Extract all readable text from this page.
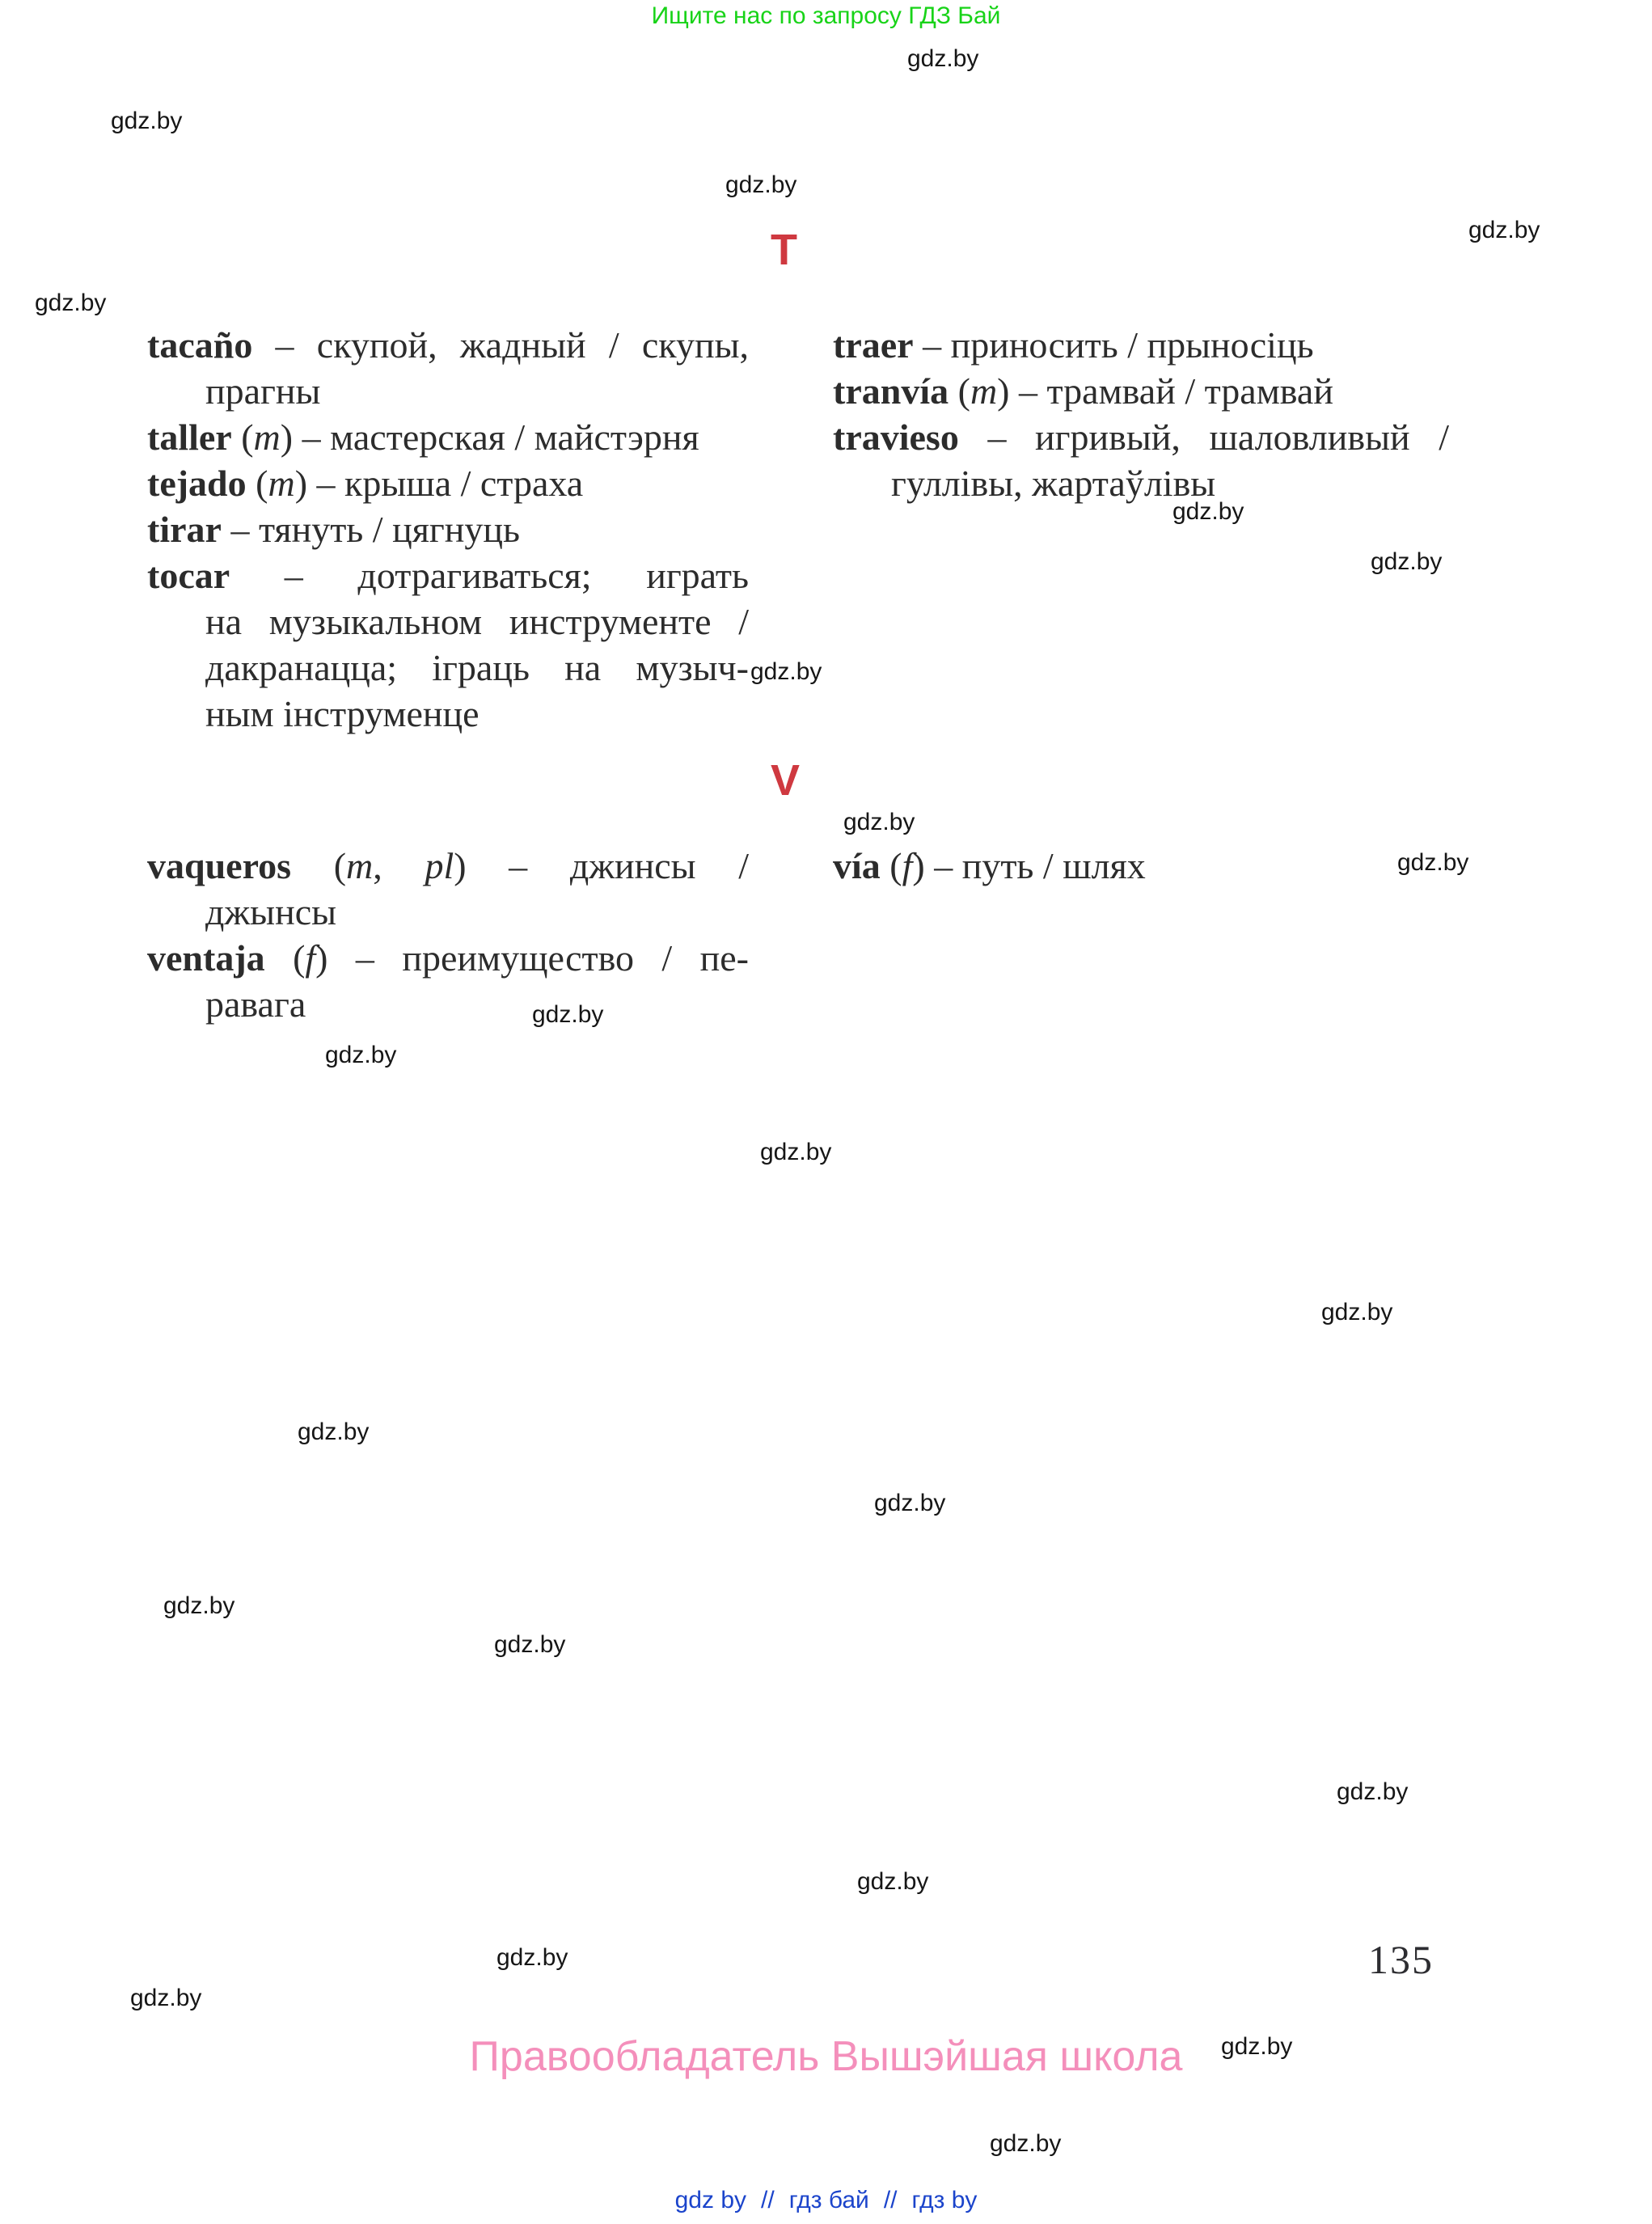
Ищите нас по запросу ГДЗ Бай
gdz.by
gdz.by
gdz.by
gdz.by
gdz.by
gdz.by
gdz.by
gdz.by
gdz.by
gdz.by
gdz.by
gdz.by
gdz.by
gdz.by
gdz.by
gdz.by
gdz.by
gdz.by
gdz.by
gdz.by
gdz.by
gdz.by
gdz.by
gdz.by
T
tacaño – скупой, жадный / скупы,
прагны
taller (m) – мастерская / майстэрня
tejado (m) – крыша / страха
tirar – тянуть / цягнуць
tocar – дотрагиваться; играть
на музыкальном инструменте /
дакранацца; іграць на музыч-
ным інструменце
traer – приносить / прыносіць
tranvía (m) – трамвай / трамвай
travieso – игривый, шаловливый /
гуллівы, жартаўлівы
V
vaqueros (m, pl) – джинсы /
джынсы
ventaja (f) – преимущество / пе-
равага
vía (f) – путь / шлях
135
Правообладатель Вышэйшая школа
gdz by // гдз бай // гдз by
